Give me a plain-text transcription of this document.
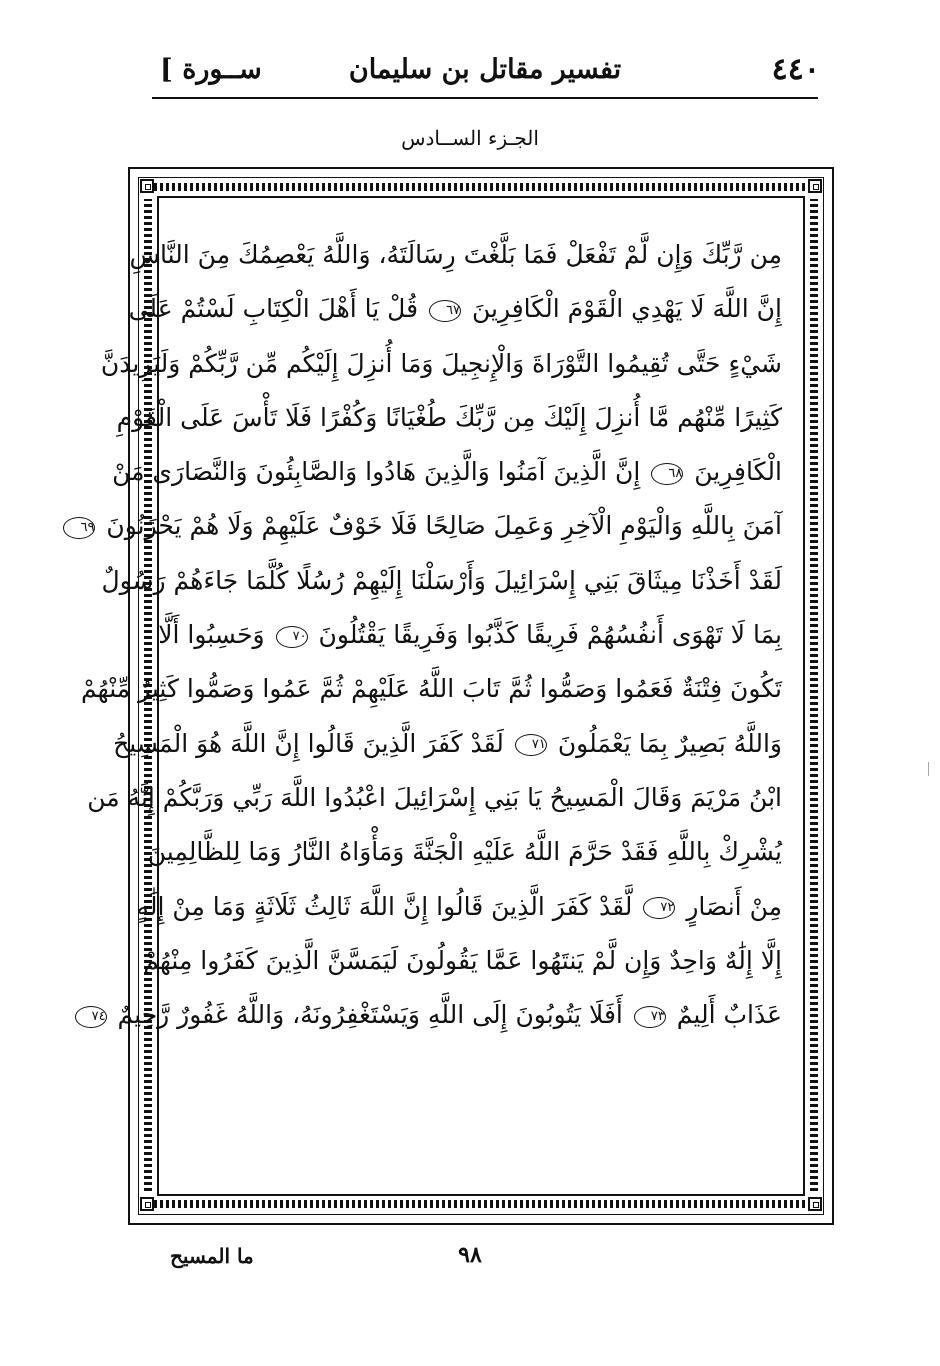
٤٤٠
تفسير مقاتل بن سليمان
[ ســورة
الجـزء الســادس
مِن رَّبِّكَ وَإِن لَّمْ تَفْعَلْ فَمَا بَلَّغْتَ رِسَالَتَهُ، وَاللَّهُ يَعْصِمُكَ مِنَ النَّاسِ
إِنَّ اللَّهَ لَا يَهْدِي الْقَوْمَ الْكَافِرِينَ ٦٧ قُلْ يَا أَهْلَ الْكِتَابِ لَسْتُمْ عَلَى
شَيْءٍ حَتَّى تُقِيمُوا التَّوْرَاةَ وَالْإِنجِيلَ وَمَا أُنزِلَ إِلَيْكُم مِّن رَّبِّكُمْ وَلَيَزِيدَنَّ
كَثِيرًا مِّنْهُم مَّا أُنزِلَ إِلَيْكَ مِن رَّبِّكَ طُغْيَانًا وَكُفْرًا فَلَا تَأْسَ عَلَى الْقَوْمِ
الْكَافِرِينَ ٦٨ إِنَّ الَّذِينَ آمَنُوا وَالَّذِينَ هَادُوا وَالصَّابِئُونَ وَالنَّصَارَى مَنْ
آمَنَ بِاللَّهِ وَالْيَوْمِ الْآخِرِ وَعَمِلَ صَالِحًا فَلَا خَوْفٌ عَلَيْهِمْ وَلَا هُمْ يَحْزَنُونَ ٦٩
لَقَدْ أَخَذْنَا مِيثَاقَ بَنِي إِسْرَائِيلَ وَأَرْسَلْنَا إِلَيْهِمْ رُسُلًا كُلَّمَا جَاءَهُمْ رَسُولٌ
بِمَا لَا تَهْوَى أَنفُسُهُمْ فَرِيقًا كَذَّبُوا وَفَرِيقًا يَقْتُلُونَ ٧٠ وَحَسِبُوا أَلَّا
تَكُونَ فِتْنَةٌ فَعَمُوا وَصَمُّوا ثُمَّ تَابَ اللَّهُ عَلَيْهِمْ ثُمَّ عَمُوا وَصَمُّوا كَثِيرٌ مِّنْهُمْ
وَاللَّهُ بَصِيرٌ بِمَا يَعْمَلُونَ ٧١ لَقَدْ كَفَرَ الَّذِينَ قَالُوا إِنَّ اللَّهَ هُوَ الْمَسِيحُ
ابْنُ مَرْيَمَ وَقَالَ الْمَسِيحُ يَا بَنِي إِسْرَائِيلَ اعْبُدُوا اللَّهَ رَبِّي وَرَبَّكُمْ إِنَّهُ مَن
يُشْرِكْ بِاللَّهِ فَقَدْ حَرَّمَ اللَّهُ عَلَيْهِ الْجَنَّةَ وَمَأْوَاهُ النَّارُ وَمَا لِلظَّالِمِينَ
مِنْ أَنصَارٍ ٧٢ لَّقَدْ كَفَرَ الَّذِينَ قَالُوا إِنَّ اللَّهَ ثَالِثُ ثَلَاثَةٍ وَمَا مِنْ إِلَٰهٍ
إِلَّا إِلَٰهٌ وَاحِدٌ وَإِن لَّمْ يَنتَهُوا عَمَّا يَقُولُونَ لَيَمَسَّنَّ الَّذِينَ كَفَرُوا مِنْهُمْ
عَذَابٌ أَلِيمٌ ٧٣ أَفَلَا يَتُوبُونَ إِلَى اللَّهِ وَيَسْتَغْفِرُونَهُ، وَاللَّهُ غَفُورٌ رَّحِيمٌ ٧٤
٩٨
ما المسيح
